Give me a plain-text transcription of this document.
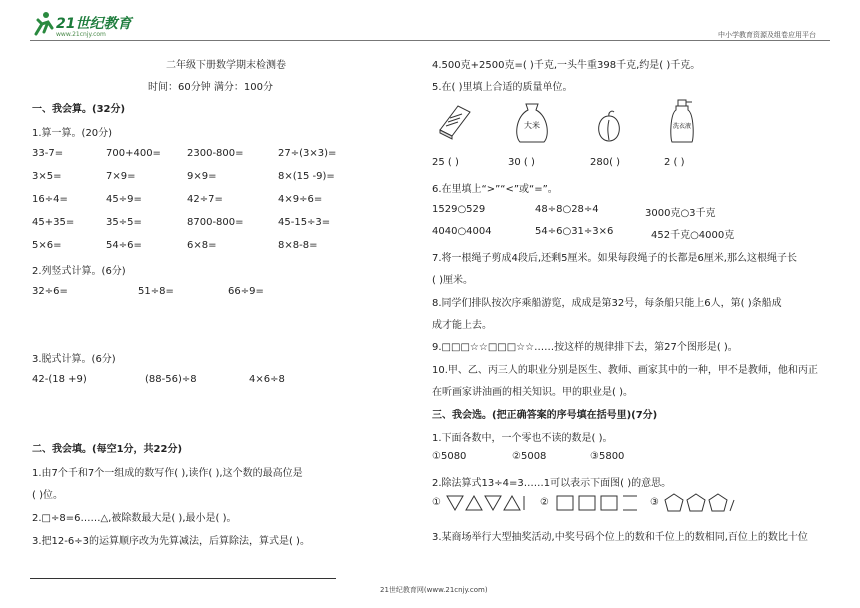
21世纪教育
www.21cnjy.com	中小学教育资源及组卷应用平台
二年级下册数学期末检测卷
时间：60分钟 满分：100分
一、我会算。(32分)
1.算一算。(20分)
33-7=	700+400=	2300-800=	27÷(3×3)=
3×5=	7×9=	9×9=	8×(15 -9)=
16÷4=	45÷9=	42÷7=	4×9÷6=
45+35=	35÷5=	8700-800=	45-15÷3=
5×6=	54÷6=	6×8=	8×8-8=
2.列竖式计算。(6分)
32÷6=	51÷8=	66÷9=
3.脱式计算。(6分)
42-(18 +9)	(88-56)÷8	4×6÷8
二、我会填。(每空1分，共22分)
1.由7个千和7个一组成的数写作( ),读作( ),这个数的最高位是
( )位。
2.□÷8=6……△,被除数最大是( ),最小是( )。
3.把12-6÷3的运算顺序改为先算减法，后算除法，算式是( )。
21世纪教育网(www.21cnjy.com)
4.500克+2500克=( )千克,一头牛重398千克,约是( )千克。
5.在( )里填上合适的质量单位。
大米	洗衣液
25 ( )	30 ( )	280( )	2 ( )
6.在里填上“>”“<”或“=”。
1529○529	48÷8○28÷4	3000克○3千克
4040○4004	54÷6○31÷3×6	452千克○4000克
7.将一根绳子剪成4段后,还剩5厘米。如果每段绳子的长都是6厘米,那么这根绳子长
( )厘米。
8.同学们排队按次序乘船游览，成成是第32号，每条船只能上6人，第( )条船成
成才能上去。
9.□□□☆☆□□□☆☆……按这样的规律排下去，第27个图形是( )。
10.甲、乙、丙三人的职业分别是医生、教师、画家其中的一种，甲不是教师，他和丙正
在听画家讲油画的相关知识。甲的职业是( )。
三、我会选。(把正确答案的序号填在括号里)(7分)
1.下面各数中，一个零也不读的数是( )。
①5080	②5008	③5800
2.除法算式13÷4=3……1可以表示下面图( )的意思。
①	②	③
3.某商场举行大型抽奖活动,中奖号码个位上的数和千位上的数相同,百位上的数比十位
